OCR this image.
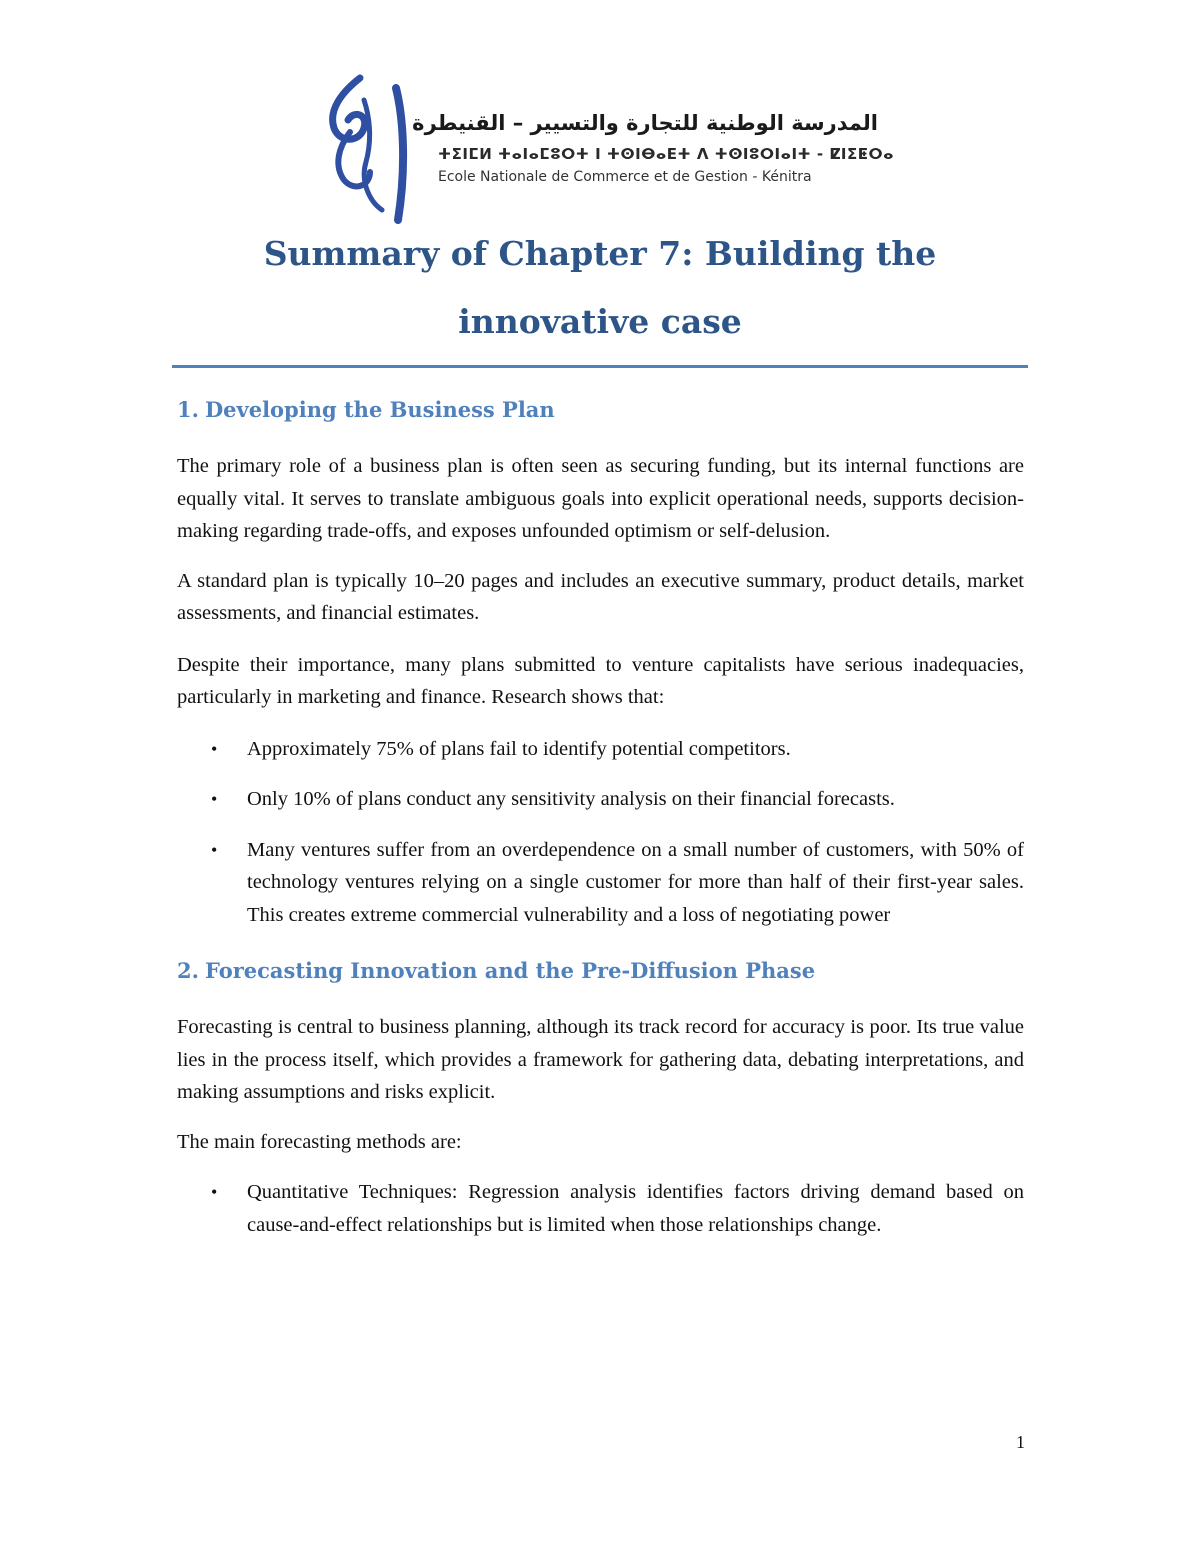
المدرسة الوطنية للتجارة والتسيير – القنيطرة
ⵜⵉⵏⵎⵍ ⵜⴰⵏⴰⵎⵓⵔⵜ ⵏ ⵜⵙⵏⴱⴰⴹⵜ ⴷ ⵜⵙⵏⵓⵔⵏⴰⵏⵜ - ⵇⵏⵉⵟⵔⴰ
Ecole Nationale de Commerce et de Gestion - Kénitra
Summary of Chapter 7: Building the innovative case
1. Developing the Business Plan

The primary role of a business plan is often seen as securing funding, but its internal functions are equally vital. It serves to translate ambiguous goals into explicit operational needs, supports decision-making regarding trade-offs, and exposes unfounded optimism or self-delusion.

A standard plan is typically 10–20 pages and includes an executive summary, product details, market assessments, and financial estimates.

Despite their importance, many plans submitted to venture capitalists have serious inadequacies, particularly in marketing and finance. Research shows that:

• Approximately 75% of plans fail to identify potential competitors.
• Only 10% of plans conduct any sensitivity analysis on their financial forecasts.
• Many ventures suffer from an overdependence on a small number of customers, with 50% of technology ventures relying on a single customer for more than half of their first-year sales. This creates extreme commercial vulnerability and a loss of negotiating power
2. Forecasting Innovation and the Pre-Diffusion Phase

Forecasting is central to business planning, although its track record for accuracy is poor. Its true value lies in the process itself, which provides a framework for gathering data, debating interpretations, and making assumptions and risks explicit.

The main forecasting methods are:

• Quantitative Techniques: Regression analysis identifies factors driving demand based on cause-and-effect relationships but is limited when those relationships change.
1
